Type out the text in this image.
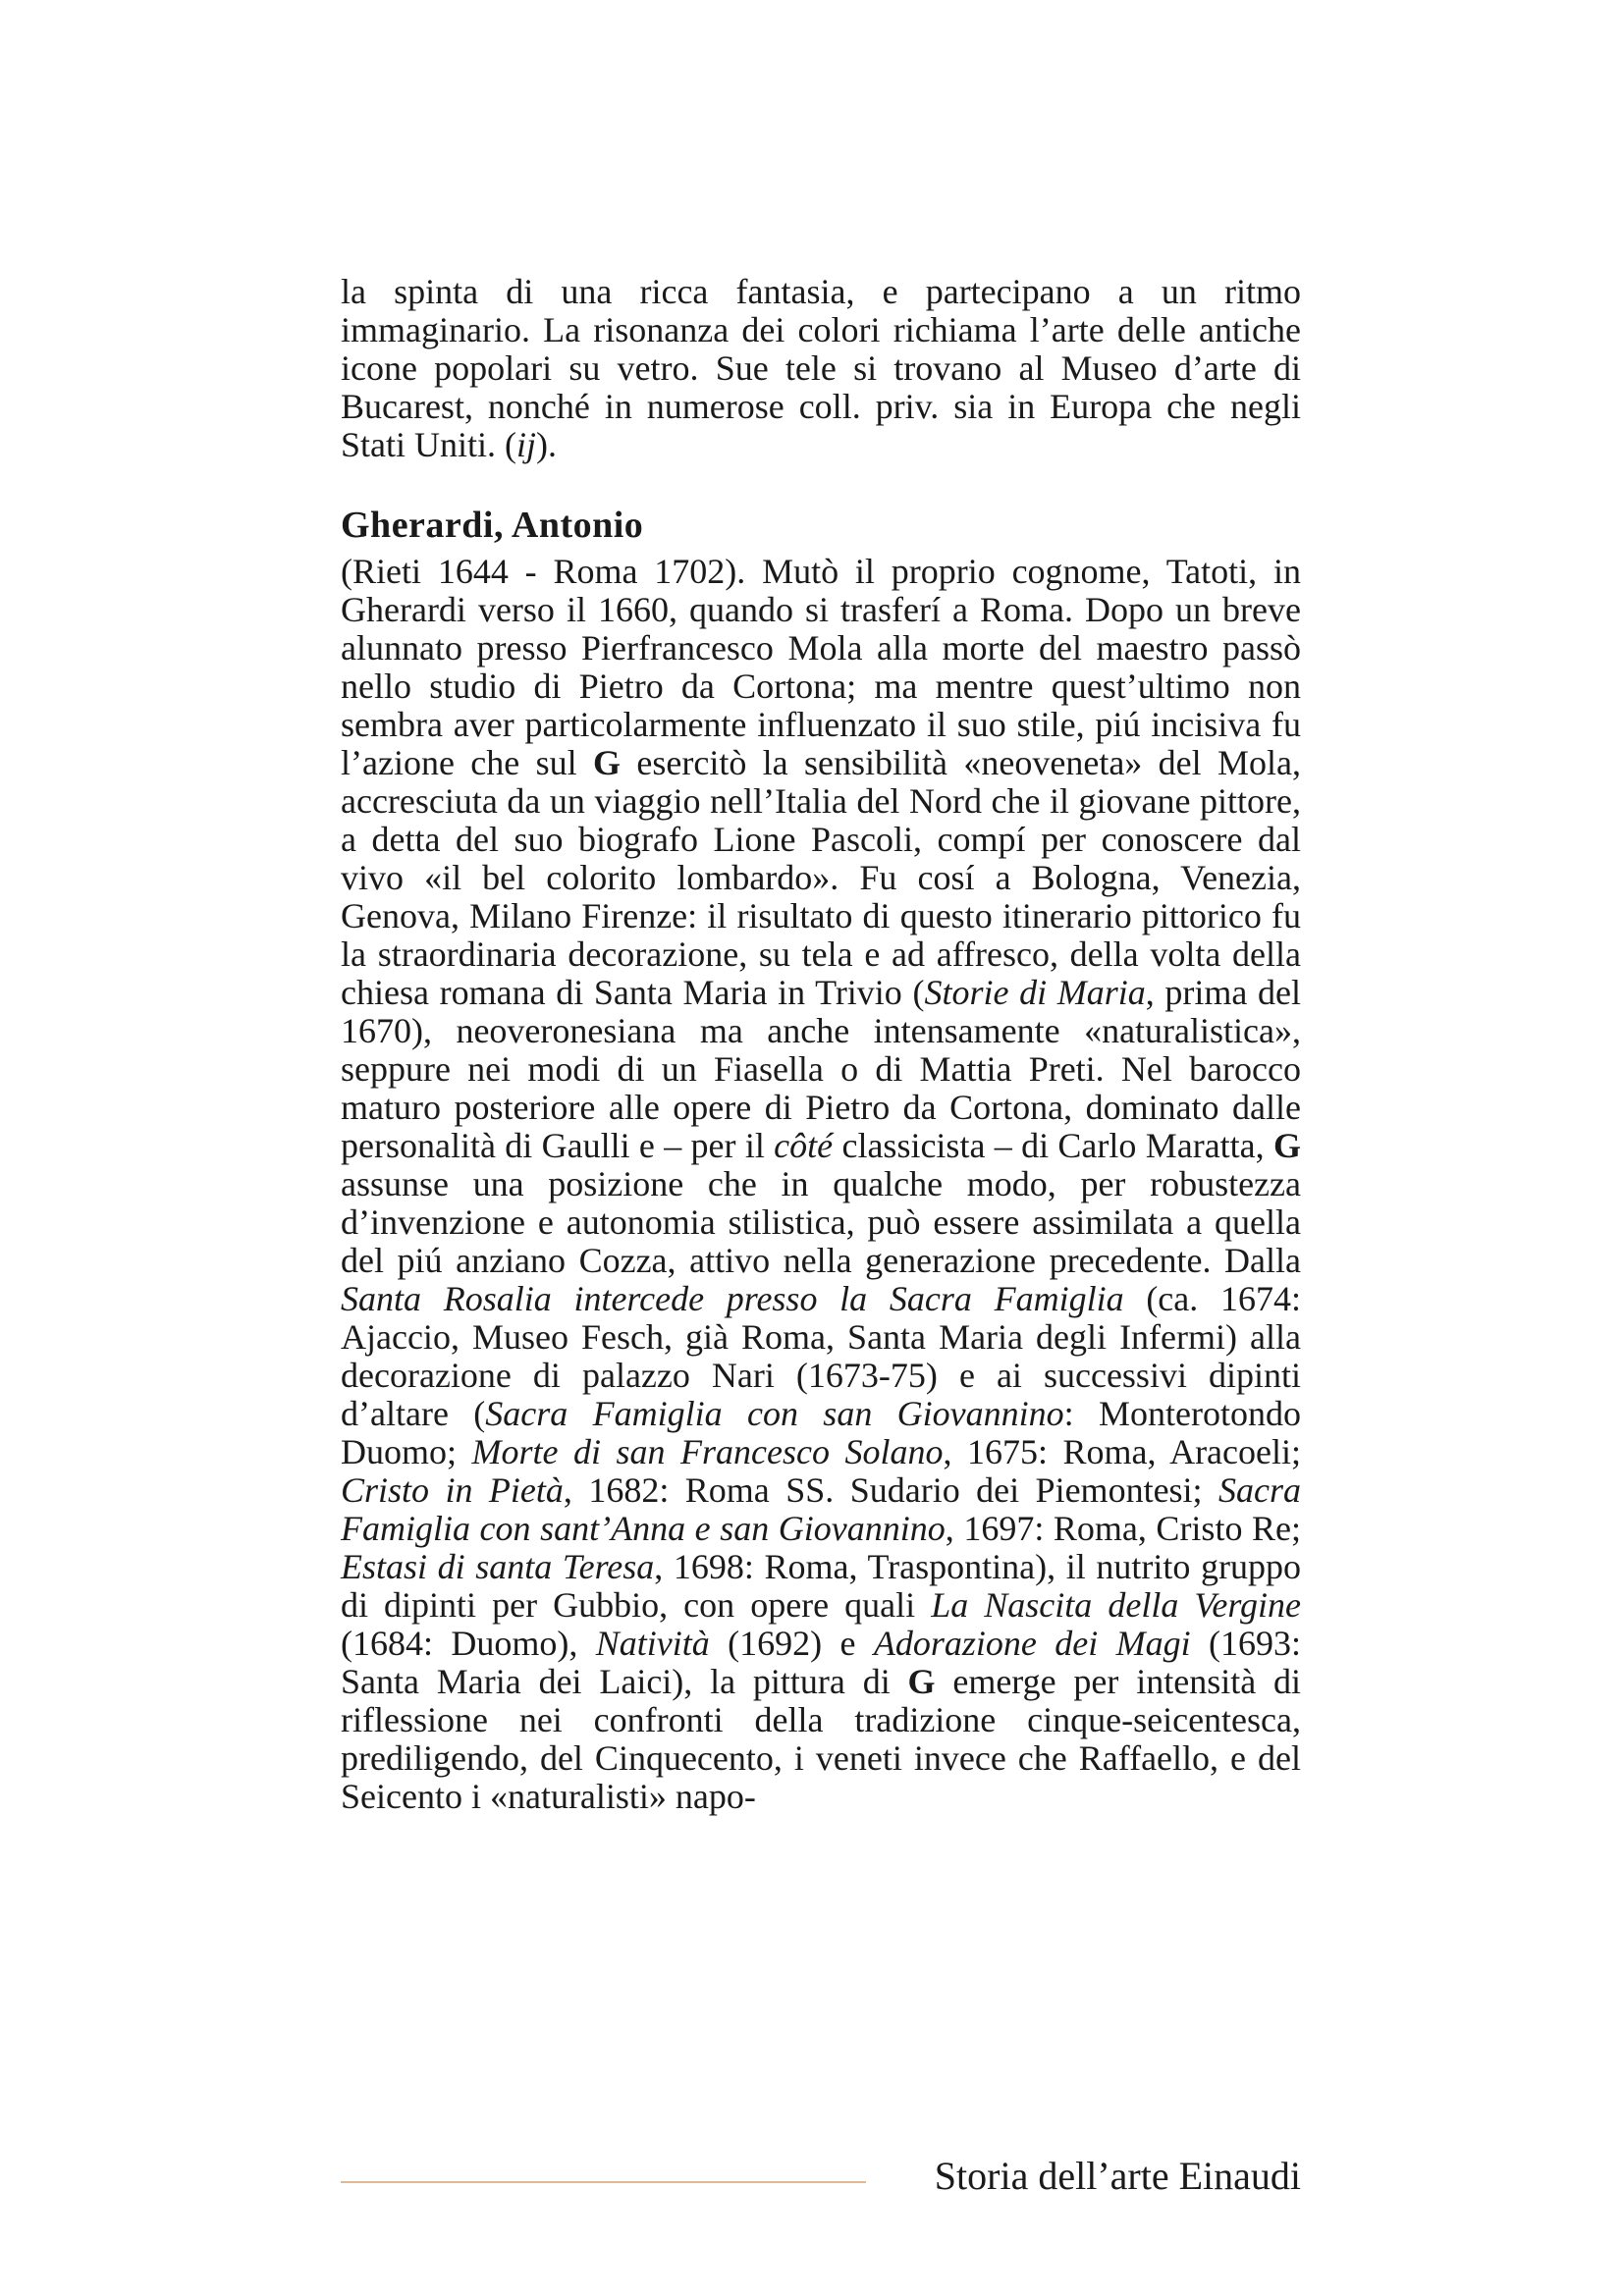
la spinta di una ricca fantasia, e partecipano a un ritmo immaginario. La risonanza dei colori richiama l’arte delle antiche icone popolari su vetro. Sue tele si trovano al Museo d’arte di Bucarest, nonché in numerose coll. priv. sia in Europa che negli Stati Uniti. (ij).

Gherardi, Antonio

(Rieti 1644 - Roma 1702). Mutò il proprio cognome, Tatoti, in Gherardi verso il 1660, quando si trasferí a Roma. Dopo un breve alunnato presso Pierfrancesco Mola alla morte del maestro passò nello studio di Pietro da Cortona; ma mentre quest’ultimo non sembra aver particolarmente influenzato il suo stile, piú incisiva fu l’azione che sul G esercitò la sensibilità «neoveneta» del Mola, accresciuta da un viaggio nell’Italia del Nord che il giovane pittore, a detta del suo biografo Lione Pascoli, compí per conoscere dal vivo «il bel colorito lombardo». Fu cosí a Bologna, Venezia, Genova, Milano Firenze: il risultato di questo itinerario pittorico fu la straordinaria decorazione, su tela e ad affresco, della volta della chiesa romana di Santa Maria in Trivio (Storie di Maria, prima del 1670), neoveronesiana ma anche intensamente «naturalistica», seppure nei modi di un Fiasella o di Mattia Preti. Nel barocco maturo posteriore alle opere di Pietro da Cortona, dominato dalle personalità di Gaulli e – per il côté classicista – di Carlo Maratta, G assunse una posizione che in qualche modo, per robustezza d’invenzione e autonomia stilistica, può essere assimilata a quella del piú anziano Cozza, attivo nella generazione precedente. Dalla Santa Rosalia intercede presso la Sacra Famiglia (ca. 1674: Ajaccio, Museo Fesch, già Roma, Santa Maria degli Infermi) alla decorazione di palazzo Nari (1673-75) e ai successivi dipinti d’altare (Sacra Famiglia con san Giovannino: Monterotondo Duomo; Morte di san Francesco Solano, 1675: Roma, Aracoeli; Cristo in Pietà, 1682: Roma SS. Sudario dei Piemontesi; Sacra Famiglia con sant’Anna e san Giovannino, 1697: Roma, Cristo Re; Estasi di santa Teresa, 1698: Roma, Traspontina), il nutrito gruppo di dipinti per Gubbio, con opere quali La Nascita della Vergine (1684: Duomo), Natività (1692) e Adorazione dei Magi (1693: Santa Maria dei Laici), la pittura di G emerge per intensità di riflessione nei confronti della tradizione cinque-seicentesca, prediligendo, del Cinquecento, i veneti invece che Raffaello, e del Seicento i «naturalisti» napo-

Storia dell’arte Einaudi
